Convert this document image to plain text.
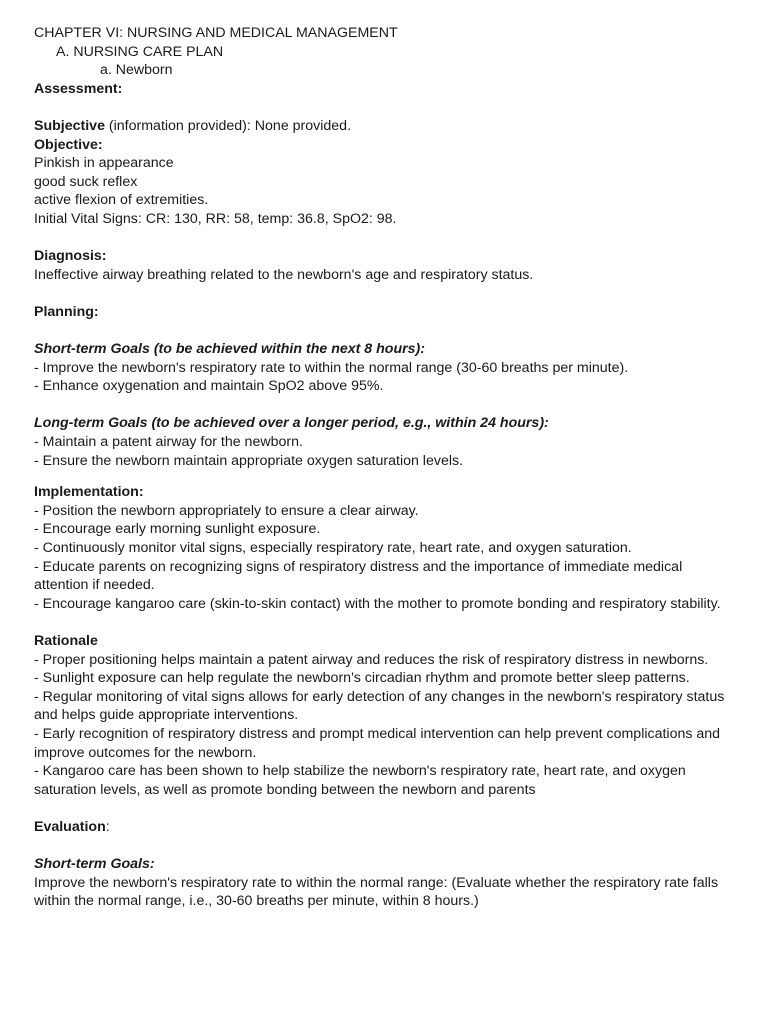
CHAPTER VI: NURSING AND MEDICAL MANAGEMENT
A. NURSING CARE PLAN
a. Newborn
Assessment:
Subjective (information provided): None provided.
Objective:
Pinkish in appearance
good suck reflex
active flexion of extremities.
Initial Vital Signs: CR: 130, RR: 58, temp: 36.8, SpO2: 98.
Diagnosis:
Ineffective airway breathing related to the newborn's age and respiratory status.
Planning:
Short-term Goals (to be achieved within the next 8 hours):
- Improve the newborn's respiratory rate to within the normal range (30-60 breaths per minute).
- Enhance oxygenation and maintain SpO2 above 95%.
Long-term Goals (to be achieved over a longer period, e.g., within 24 hours):
- Maintain a patent airway for the newborn.
- Ensure the newborn maintain appropriate oxygen saturation levels.
Implementation:
- Position the newborn appropriately to ensure a clear airway.
- Encourage early morning sunlight exposure.
- Continuously monitor vital signs, especially respiratory rate, heart rate, and oxygen saturation.
- Educate parents on recognizing signs of respiratory distress and the importance of immediate medical attention if needed.
- Encourage kangaroo care (skin-to-skin contact) with the mother to promote bonding and respiratory stability.
Rationale
- Proper positioning helps maintain a patent airway and reduces the risk of respiratory distress in newborns.
- Sunlight exposure can help regulate the newborn's circadian rhythm and promote better sleep patterns.
- Regular monitoring of vital signs allows for early detection of any changes in the newborn's respiratory status and helps guide appropriate interventions.
- Early recognition of respiratory distress and prompt medical intervention can help prevent complications and improve outcomes for the newborn.
- Kangaroo care has been shown to help stabilize the newborn's respiratory rate, heart rate, and oxygen saturation levels, as well as promote bonding between the newborn and parents
Evaluation:
Short-term Goals:
Improve the newborn's respiratory rate to within the normal range: (Evaluate whether the respiratory rate falls within the normal range, i.e., 30-60 breaths per minute, within 8 hours.)
